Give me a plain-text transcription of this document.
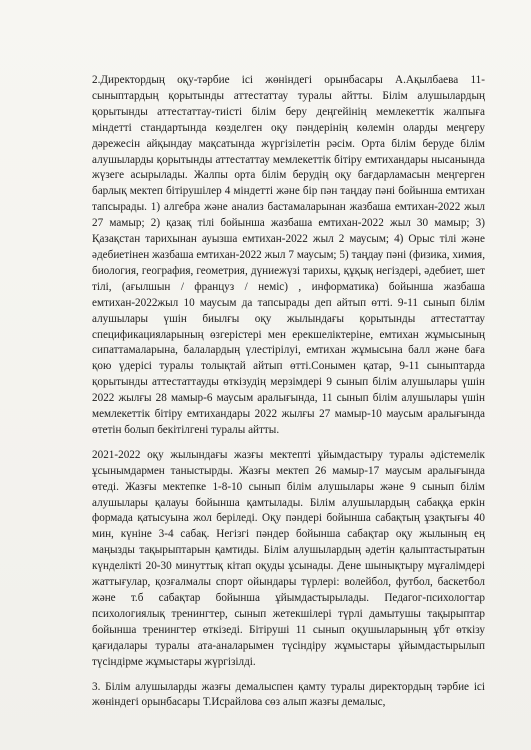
2.Директордың оқу-тәрбие ісі жөніндегі орынбасары А.Ақылбаева 11-сыныптардың қорытынды аттестаттау туралы айтты. Білім алушылардың қорытынды аттестаттау-тиісті білім беру деңгейінің мемлекеттік жалпыға міндетті стандартында көзделген оқу пәндерінің көлемін оларды меңгеру дәрежесін айқындау мақсатында жүргізілетін рәсім. Орта білім беруде білім алушыларды қорытынды аттестаттау мемлекеттік бітіру емтихандары нысанында жүзеге асырылады. Жалпы орта білім берудің оқу бағдарламасын меңгерген барлық мектеп бітірушілер 4 міндетті және бір пән таңдау пәні бойынша емтихан тапсырады. 1) алгебра және анализ бастамаларынан жазбаша емтихан-2022 жыл 27 мамыр; 2) қазақ тілі бойынша жазбаша емтихан-2022 жыл 30 мамыр; 3) Қазақстан тарихынан ауызша емтихан-2022 жыл 2 маусым; 4) Орыс тілі және әдебиетінен жазбаша емтихан-2022 жыл 7 маусым; 5) таңдау пәні (физика, химия, биология, география, геометрия, дүниежүзі тарихы, құқық негіздері, әдебиет, шет тілі, (ағылшын / француз / неміс) , информатика) бойынша жазбаша емтихан-2022жыл 10 маусым да тапсырады деп айтып өтті. 9-11 сынып білім алушылары үшін биылғы оқу жылындағы қорытынды аттестаттау спецификацияларының өзгерістері мен ерекшеліктеріне, емтихан жұмысының сипаттамаларына, балалардың үлестірілуі, емтихан жұмысына балл және баға қою үдерісі туралы толықтай айтып өтті.Сонымен қатар, 9-11 сыныптарда қорытынды аттестаттауды өткізудің мерзімдері 9 сынып білім алушылары үшін 2022 жылғы 28 мамыр-6 маусым аралығында, 11 сынып білім алушылары үшін мемлекеттік бітіру емтихандары 2022 жылғы 27 мамыр-10 маусым аралығында өтетін болып бекітілгені туралы айтты.

2021-2022 оқу жылындағы жазғы мектепті ұйымдастыру туралы әдістемелік ұсынымдармен таныстырды. Жазғы мектеп 26 мамыр-17 маусым аралығында өтеді. Жазғы мектепке 1-8-10 сынып білім алушылары және 9 сынып білім алушылары қалауы бойынша қамтылады. Білім алушылардың сабаққа еркін формада қатысуына жол беріледі. Оқу пәндері бойынша сабақтың ұзақтығы 40 мин, күніне 3-4 сабақ. Негізгі пәндер бойынша сабақтар оқу жылының ең маңызды тақырыптарын қамтиды. Білім алушылардың әдетін қалыптастыратын күнделікті 20-30 минуттық кітап оқуды ұсынады. Дене шынықтыру мұғалімдері жаттығулар, қозғалмалы спорт ойындары түрлері: волейбол, футбол, баскетбол және т.б сабақтар бойынша ұйымдастырылады. Педагог-психологтар психологиялық тренингтер, сынып жетекшілері түрлі дамытушы тақырыптар бойынша тренингтер өткізеді. Бітіруші 11 сынып оқушыларының ұбт өткізу қағидалары туралы ата-аналарымен түсіндіру жұмыстары ұйымдастырылып түсіндірме жұмыстары жүргізілді.

3. Білім алушыларды жазғы демалыспен қамту туралы директордың тәрбие ісі жөніндегі орынбасары Т.Исрайлова сөз алып жазғы демалыс,
